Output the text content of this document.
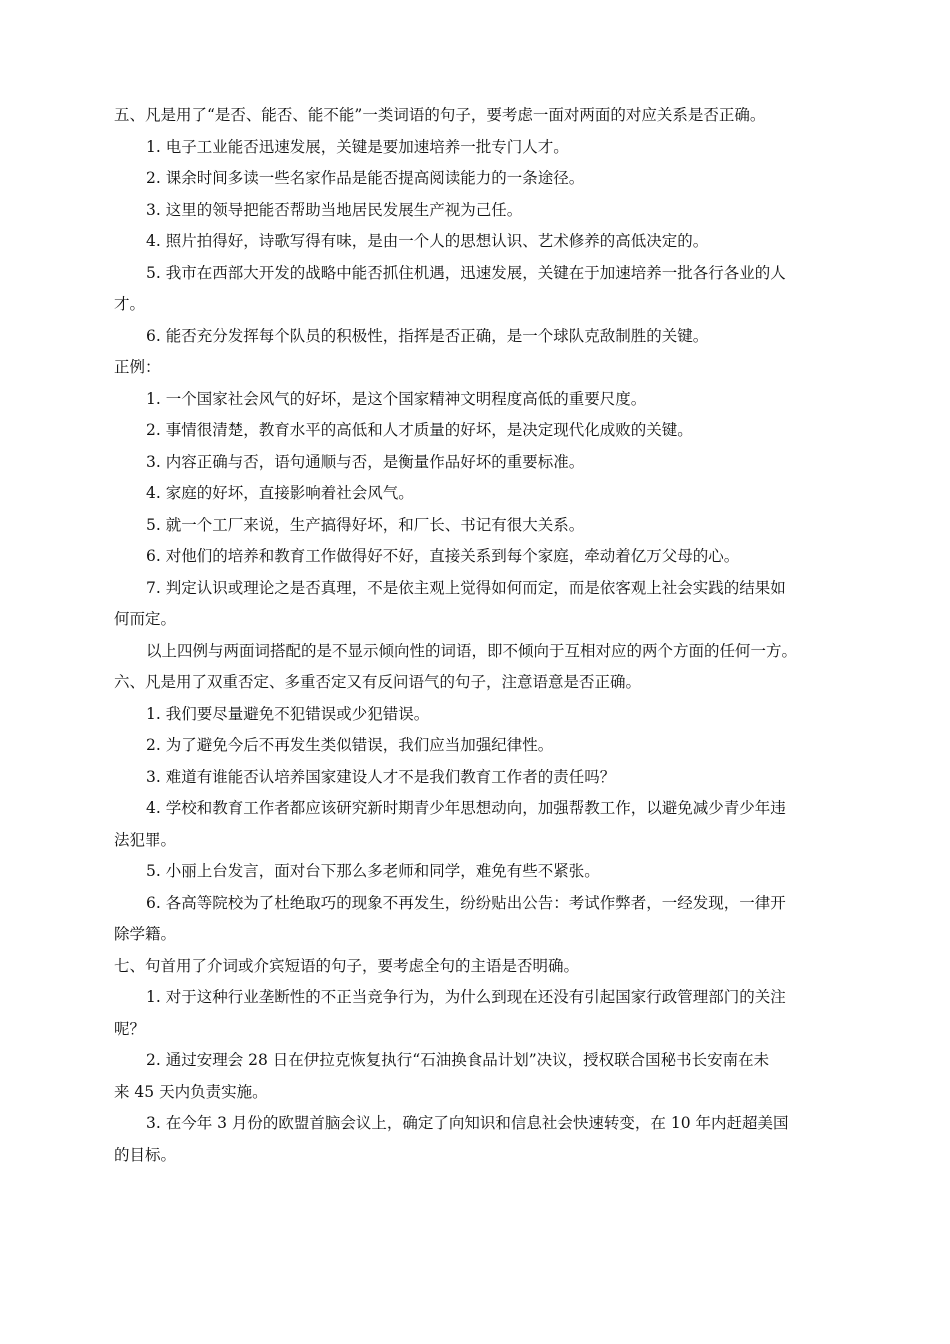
五、凡是用了“是否、能否、能不能”一类词语的句子，要考虑一面对两面的对应关系是否正确。
1. 电子工业能否迅速发展，关键是要加速培养一批专门人才。
2. 课余时间多读一些名家作品是能否提高阅读能力的一条途径。
3. 这里的领导把能否帮助当地居民发展生产视为己任。
4. 照片拍得好，诗歌写得有味，是由一个人的思想认识、艺术修养的高低决定的。
5. 我市在西部大开发的战略中能否抓住机遇，迅速发展，关键在于加速培养一批各行各业的人
才。
6. 能否充分发挥每个队员的积极性，指挥是否正确，是一个球队克敌制胜的关键。
正例：
1. 一个国家社会风气的好坏，是这个国家精神文明程度高低的重要尺度。
2. 事情很清楚，教育水平的高低和人才质量的好坏，是决定现代化成败的关键。
3. 内容正确与否，语句通顺与否，是衡量作品好坏的重要标准。
4. 家庭的好坏，直接影响着社会风气。
5. 就一个工厂来说，生产搞得好坏，和厂长、书记有很大关系。
6. 对他们的培养和教育工作做得好不好，直接关系到每个家庭，牵动着亿万父母的心。
7. 判定认识或理论之是否真理，不是依主观上觉得如何而定，而是依客观上社会实践的结果如
何而定。
以上四例与两面词搭配的是不显示倾向性的词语，即不倾向于互相对应的两个方面的任何一方。
六、凡是用了双重否定、多重否定又有反问语气的句子，注意语意是否正确。
1. 我们要尽量避免不犯错误或少犯错误。
2. 为了避免今后不再发生类似错误，我们应当加强纪律性。
3. 难道有谁能否认培养国家建设人才不是我们教育工作者的责任吗？
4. 学校和教育工作者都应该研究新时期青少年思想动向，加强帮教工作，以避免减少青少年违
法犯罪。
5. 小丽上台发言，面对台下那么多老师和同学，难免有些不紧张。
6. 各高等院校为了杜绝取巧的现象不再发生，纷纷贴出公告：考试作弊者，一经发现，一律开
除学籍。
七、句首用了介词或介宾短语的句子，要考虑全句的主语是否明确。
1. 对于这种行业垄断性的不正当竞争行为，为什么到现在还没有引起国家行政管理部门的关注
呢？
2. 通过安理会 28 日在伊拉克恢复执行“石油换食品计划”决议，授权联合国秘书长安南在未
来 45 天内负责实施。
3. 在今年 3 月份的欧盟首脑会议上，确定了向知识和信息社会快速转变，在 10 年内赶超美国
的目标。
